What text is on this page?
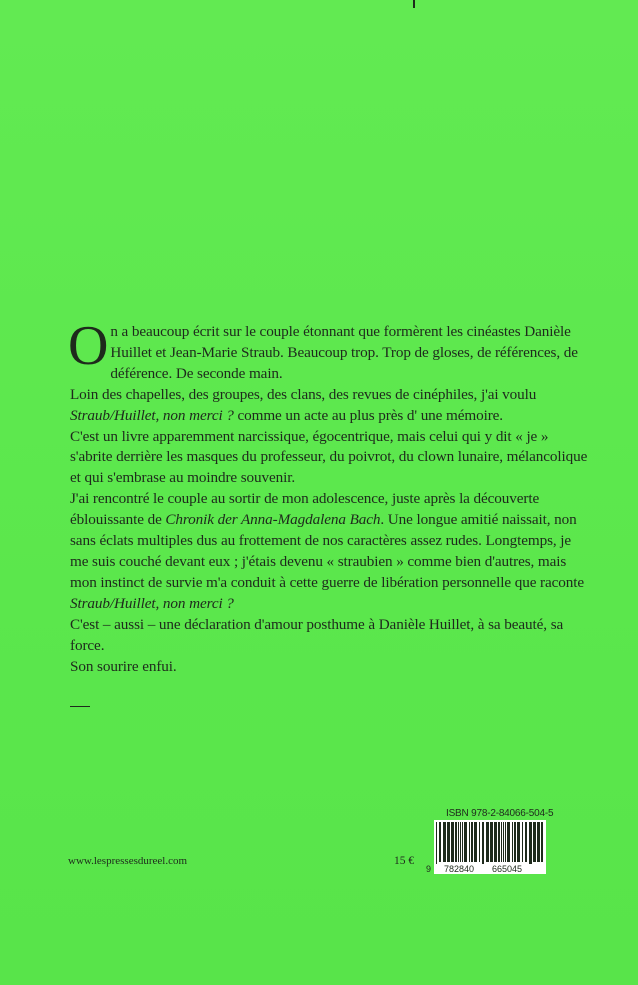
On a beaucoup écrit sur le couple étonnant que formèrent les cinéastes Danièle Huillet et Jean-Marie Straub. Beaucoup trop. Trop de gloses, de références, de déférence. De seconde main.

Loin des chapelles, des groupes, des clans, des revues de cinéphiles, j'ai voulu
Straub/Huillet, non merci ? comme un acte au plus près d' une mémoire.

C'est un livre apparemment narcissique, égocentrique, mais celui qui y dit « je » s'abrite derrière les masques du professeur, du poivrot, du clown lunaire, mélancolique et qui s'embrase au moindre souvenir.

J'ai rencontré le couple au sortir de mon adolescence, juste après la découverte éblouissante de Chronik der Anna-Magdalena Bach. Une longue amitié naissait, non sans éclats multiples dus au frottement de nos caractères assez rudes. Longtemps, je me suis couché devant eux ; j'étais devenu « straubien » comme bien d'autres, mais mon instinct de survie m'a conduit à cette guerre de libération personnelle que raconte Straub/Huillet, non merci ?

C'est – aussi – une déclaration d'amour posthume à Danièle Huillet, à sa beauté, sa force.

Son sourire enfui.

ISBN 978-2-84066-504-5
9 782840 665045
www.lespressesdureel.com	15 €
